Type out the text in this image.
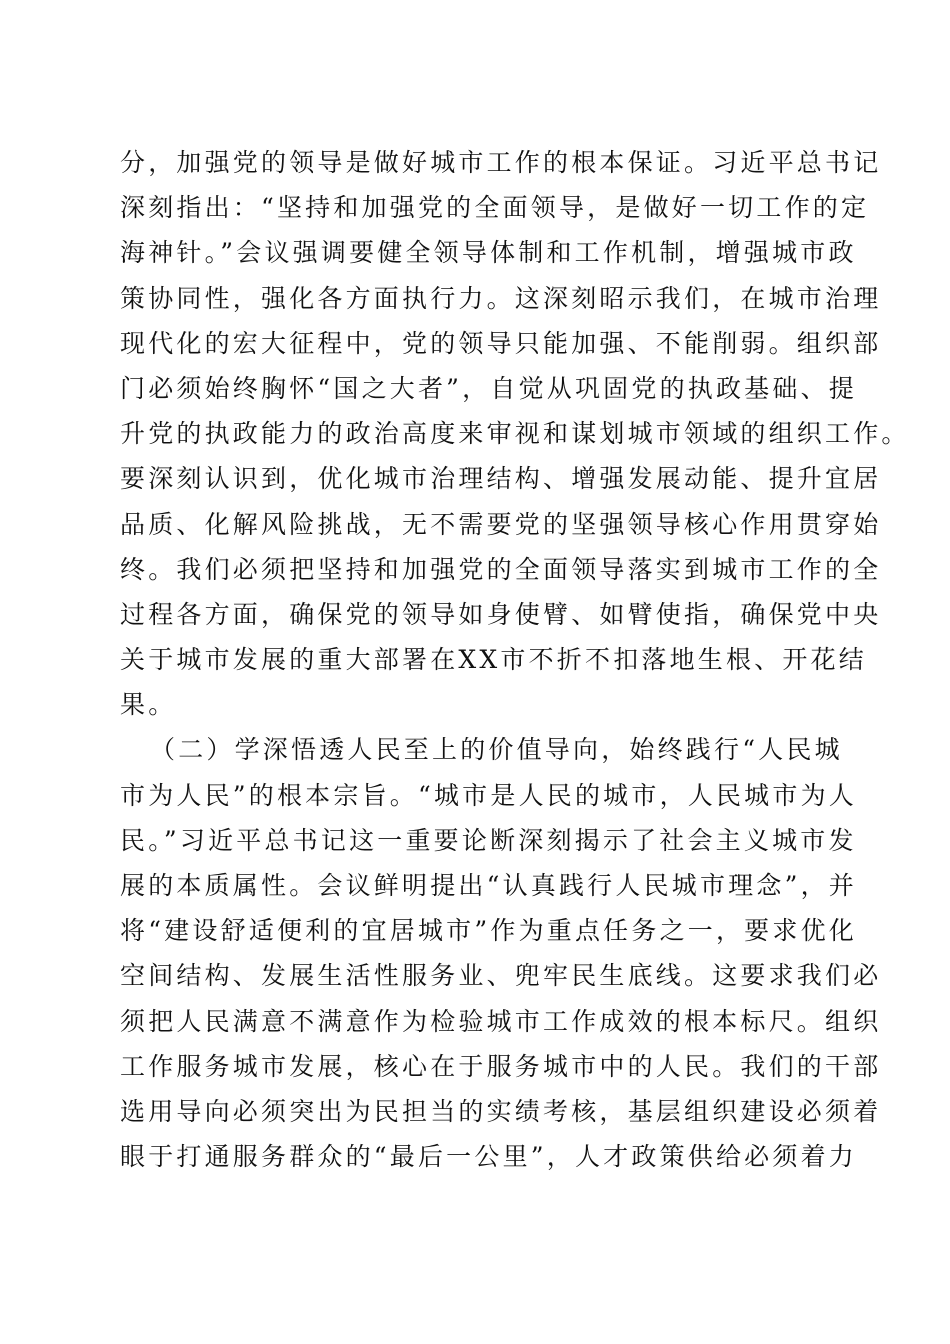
分，加强党的领导是做好城市工作的根本保证。习近平总书记
深刻指出：“坚持和加强党的全面领导，是做好一切工作的定
海神针。”会议强调要健全领导体制和工作机制，增强城市政
策协同性，强化各方面执行力。这深刻昭示我们，在城市治理
现代化的宏大征程中，党的领导只能加强、不能削弱。组织部
门必须始终胸怀“国之大者”，自觉从巩固党的执政基础、提
升党的执政能力的政治高度来审视和谋划城市领域的组织工作。
要深刻认识到，优化城市治理结构、增强发展动能、提升宜居
品质、化解风险挑战，无不需要党的坚强领导核心作用贯穿始
终。我们必须把坚持和加强党的全面领导落实到城市工作的全
过程各方面，确保党的领导如身使臂、如臂使指，确保党中央
关于城市发展的重大部署在XX市不折不扣落地生根、开花结
果。
（二）学深悟透人民至上的价值导向，始终践行“人民城
市为人民”的根本宗旨。“城市是人民的城市，人民城市为人
民。”习近平总书记这一重要论断深刻揭示了社会主义城市发
展的本质属性。会议鲜明提出“认真践行人民城市理念”，并
将“建设舒适便利的宜居城市”作为重点任务之一，要求优化
空间结构、发展生活性服务业、兜牢民生底线。这要求我们必
须把人民满意不满意作为检验城市工作成效的根本标尺。组织
工作服务城市发展，核心在于服务城市中的人民。我们的干部
选用导向必须突出为民担当的实绩考核，基层组织建设必须着
眼于打通服务群众的“最后一公里”，人才政策供给必须着力
